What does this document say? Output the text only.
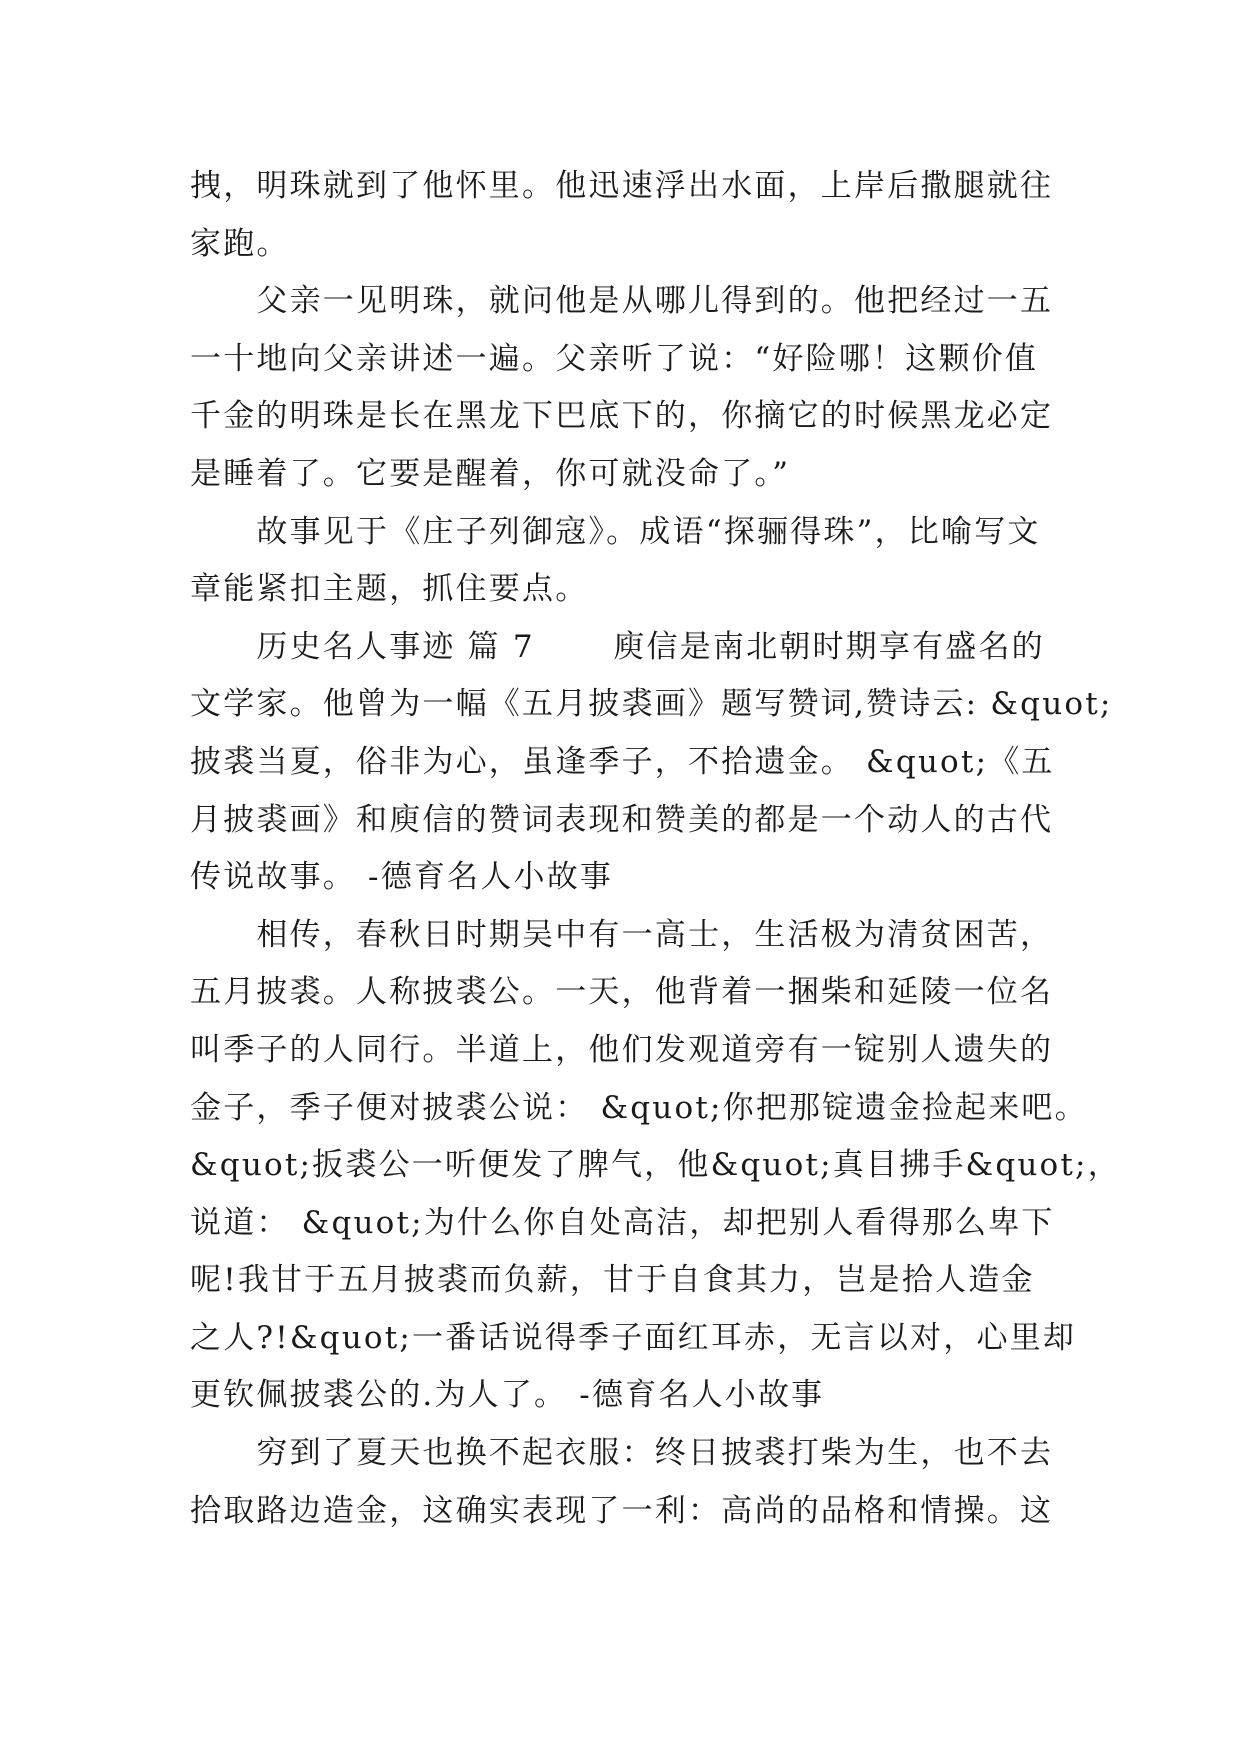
拽，明珠就到了他怀里。他迅速浮出水面，上岸后撒腿就往
家跑。
　　父亲一见明珠，就问他是从哪儿得到的。他把经过一五
一十地向父亲讲述一遍。父亲听了说：“好险哪！这颗价值
千金的明珠是长在黑龙下巴底下的，你摘它的时候黑龙必定
是睡着了。它要是醒着，你可就没命了。”
　　故事见于《庄子列御寇》。成语“探骊得珠”，比喻写文
章能紧扣主题，抓住要点。
　　历史名人事迹 篇 7　　 庾信是南北朝时期享有盛名的
文学家。他曾为一幅《五月披裘画》题写赞词,赞诗云: &quot;
披裘当夏，俗非为心，虽逢季子，不拾遗金。 &quot;《五
月披裘画》和庾信的赞词表现和赞美的都是一个动人的古代
传说故事。 -德育名人小故事
　　相传，春秋日时期吴中有一高士，生活极为清贫困苦，
五月披裘。人称披裘公。一天，他背着一捆柴和延陵一位名
叫季子的人同行。半道上，他们发观道旁有一锭别人遗失的
金子，季子便对披裘公说： &quot;你把那锭遗金捡起来吧。
&quot;扳裘公一听便发了脾气，他&quot;真目拂手&quot;，
说道： &quot;为什么你自处高洁，却把别人看得那么卑下
呢!我甘于五月披裘而负薪，甘于自食其力，岂是拾人造金
之人?!&quot;一番话说得季子面红耳赤，无言以对，心里却
更钦佩披裘公的.为人了。 -德育名人小故事
　　穷到了夏天也换不起衣服：终日披裘打柴为生，也不去
拾取路边造金，这确实表现了一利：高尚的品格和情操。这
